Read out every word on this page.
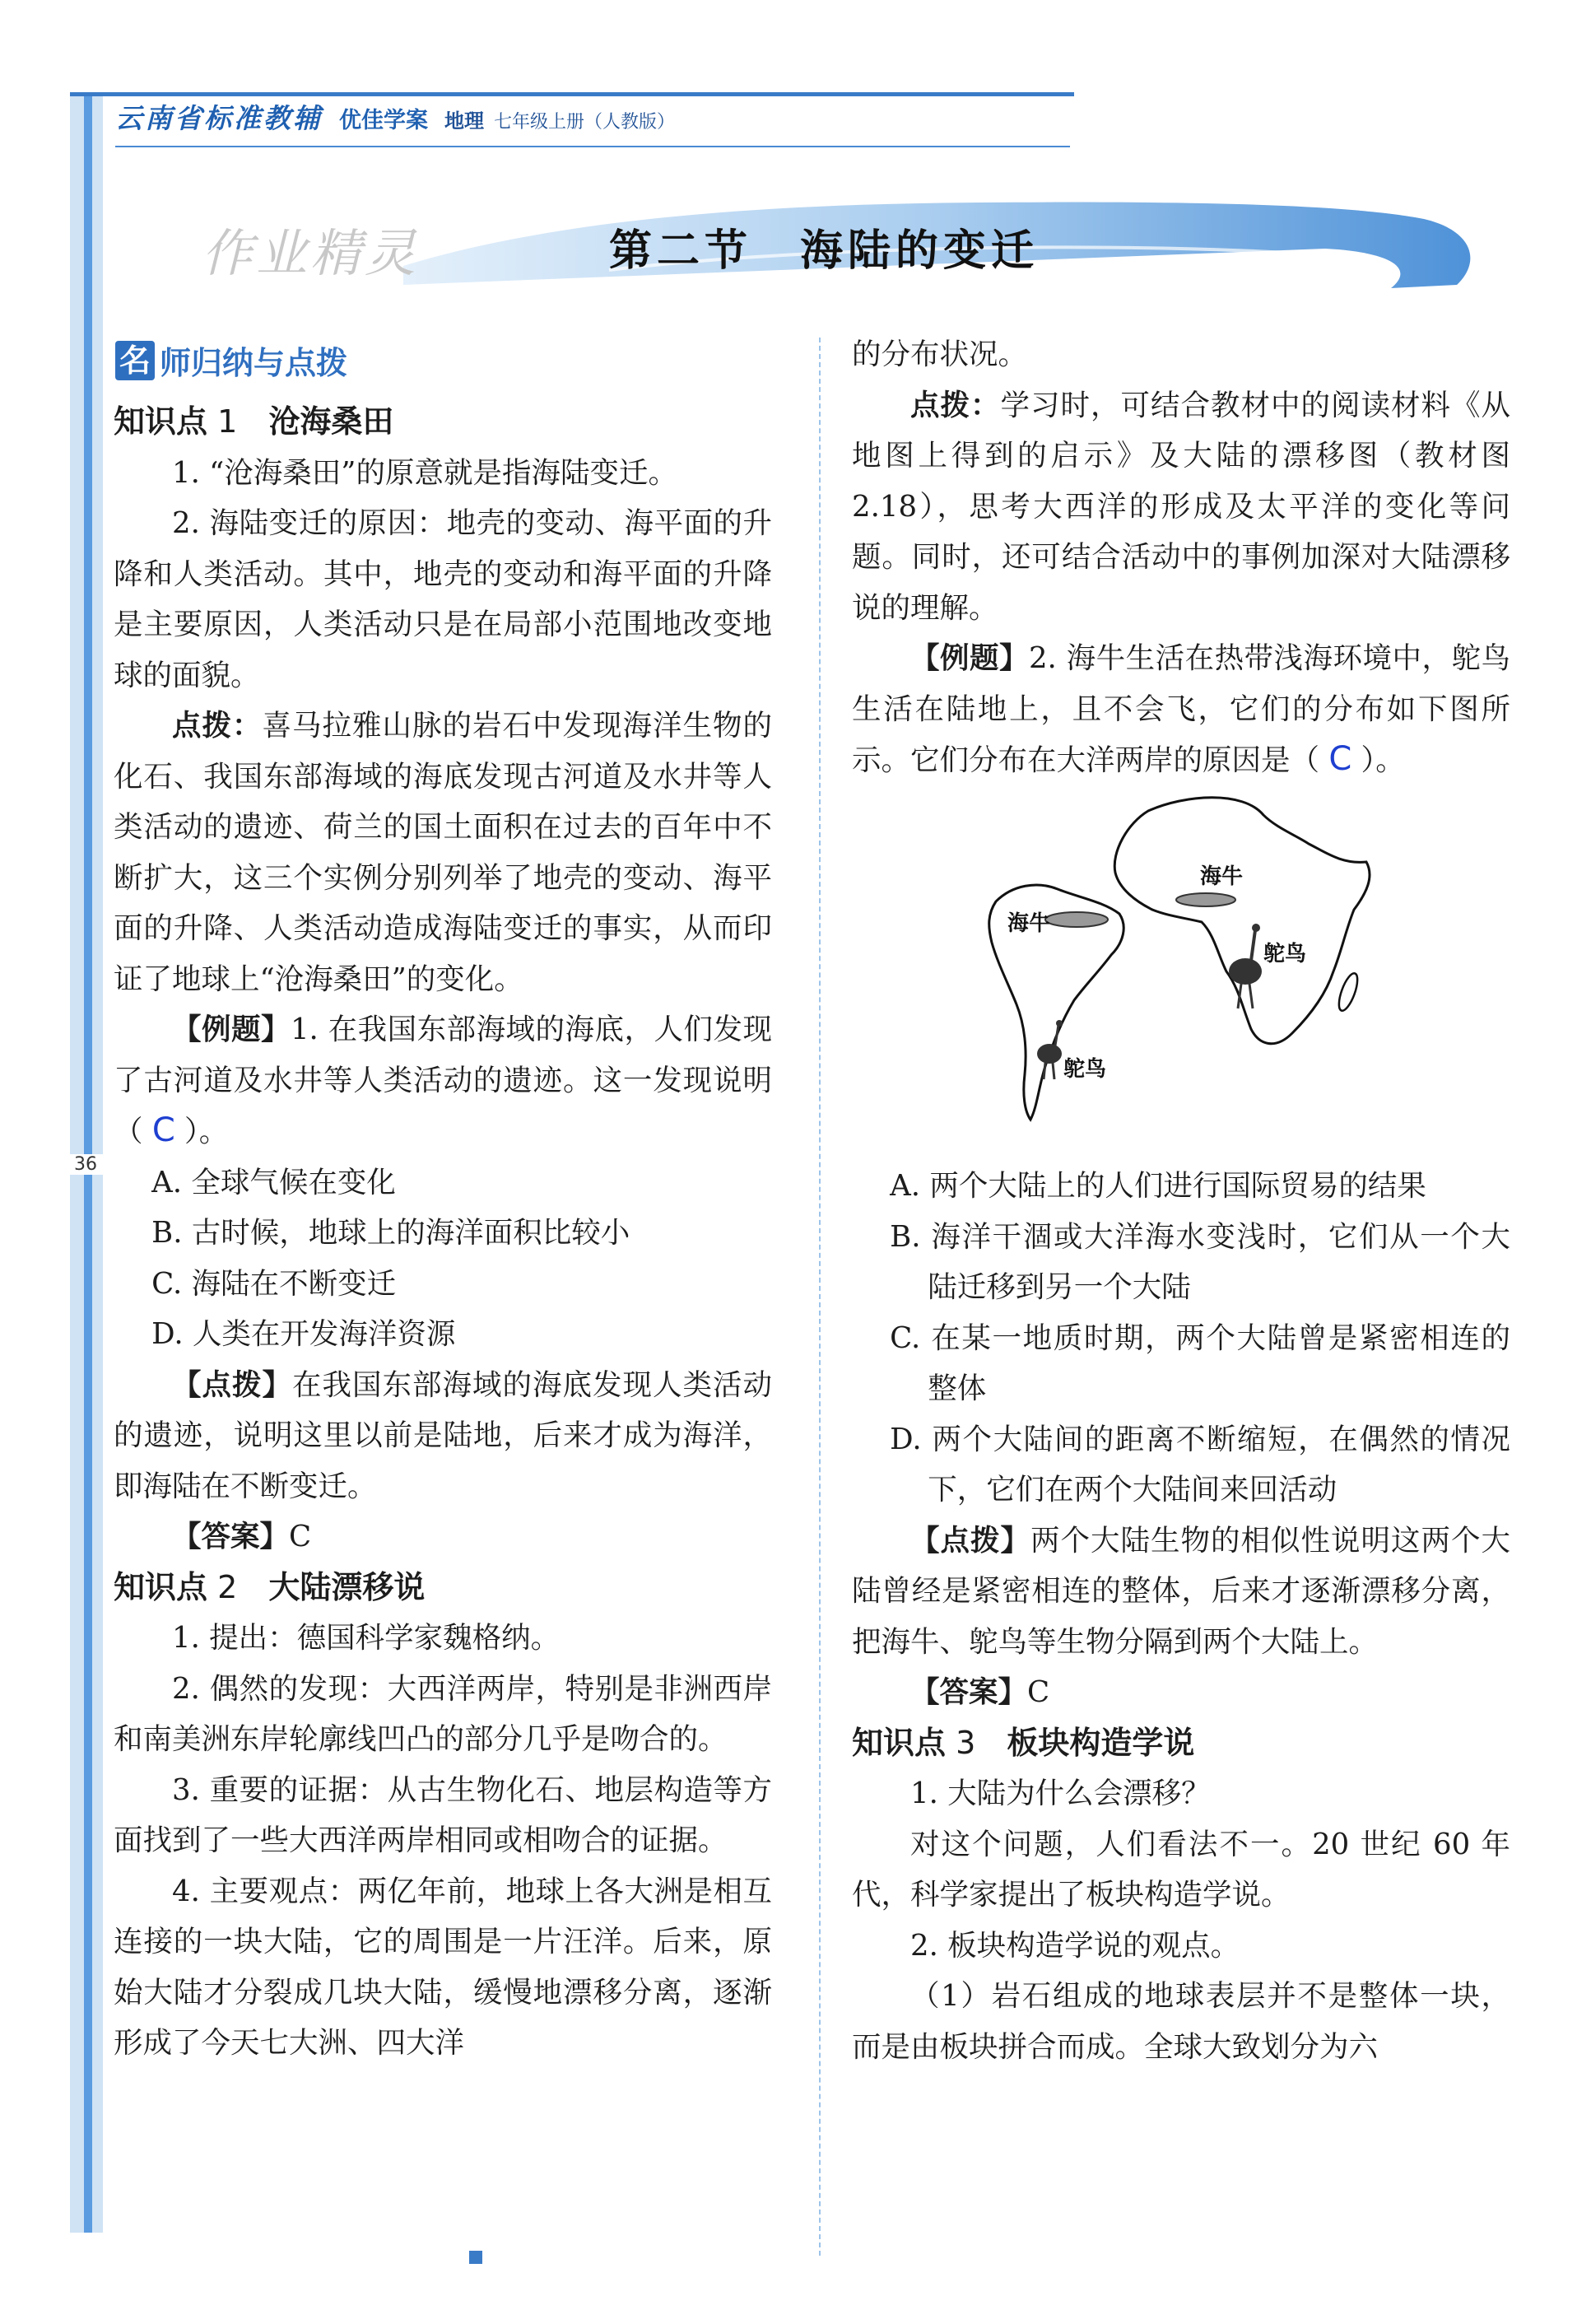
36
云南省标准教辅 优佳学案 地理 七年级上册（人教版）
作业精灵	第二节　海陆的变迁
名 师归纳与点拨

知识点 1　 沧海桑田

1. “沧海桑田”的原意就是指海陆变迁。

2. 海陆变迁的原因：地壳的变动、海平面的升降和人类活动。其中，地壳的变动和海平面的升降是主要原因，人类活动只是在局部小范围地改变地球的面貌。

点拨：喜马拉雅山脉的岩石中发现海洋生物的化石、我国东部海域的海底发现古河道及水井等人类活动的遗迹、荷兰的国土面积在过去的百年中不断扩大，这三个实例分别列举了地壳的变动、海平面的升降、人类活动造成海陆变迁的事实，从而印证了地球上“沧海桑田”的变化。

【例题】1. 在我国东部海域的海底，人们发现了古河道及水井等人类活动的遗迹。这一发现说明（ C ）。

A. 全球气候在变化

B. 古时候，地球上的海洋面积比较小

C. 海陆在不断变迁

D. 人类在开发海洋资源

【点拨】在我国东部海域的海底发现人类活动的遗迹，说明这里以前是陆地，后来才成为海洋，即海陆在不断变迁。

【答案】C

知识点 2　 大陆漂移说

1. 提出：德国科学家魏格纳。

2. 偶然的发现：大西洋两岸，特别是非洲西岸和南美洲东岸轮廓线凹凸的部分几乎是吻合的。

3. 重要的证据：从古生物化石、地层构造等方面找到了一些大西洋两岸相同或相吻合的证据。

4. 主要观点：两亿年前，地球上各大洲是相互连接的一块大陆，它的周围是一片汪洋。后来，原始大陆才分裂成几块大陆，缓慢地漂移分离，逐渐形成了今天七大洲、四大洋

的分布状况。

点拨：学习时，可结合教材中的阅读材料《从地图上得到的启示》及大陆的漂移图（教材图 2.18），思考大西洋的形成及太平洋的变化等问题。同时，还可结合活动中的事例加深对大陆漂移说的理解。

【例题】2. 海牛生活在热带浅海环境中，鸵鸟生活在陆地上，且不会飞，它们的分布如下图所示。它们分布在大洋两岸的原因是（ C ）。

海牛
海牛
鸵鸟
鸵鸟

A. 两个大陆上的人们进行国际贸易的结果

B. 海洋干涸或大洋海水变浅时，它们从一个大陆迁移到另一个大陆

C. 在某一地质时期，两个大陆曾是紧密相连的整体

D. 两个大陆间的距离不断缩短，在偶然的情况下，它们在两个大陆间来回活动

【点拨】两个大陆生物的相似性说明这两个大陆曾经是紧密相连的整体，后来才逐渐漂移分离，把海牛、鸵鸟等生物分隔到两个大陆上。

【答案】C

知识点 3　 板块构造学说

1. 大陆为什么会漂移？

对这个问题，人们看法不一。20 世纪 60 年代，科学家提出了板块构造学说。

2. 板块构造学说的观点。

（1）岩石组成的地球表层并不是整体一块，而是由板块拼合而成。全球大致划分为六
